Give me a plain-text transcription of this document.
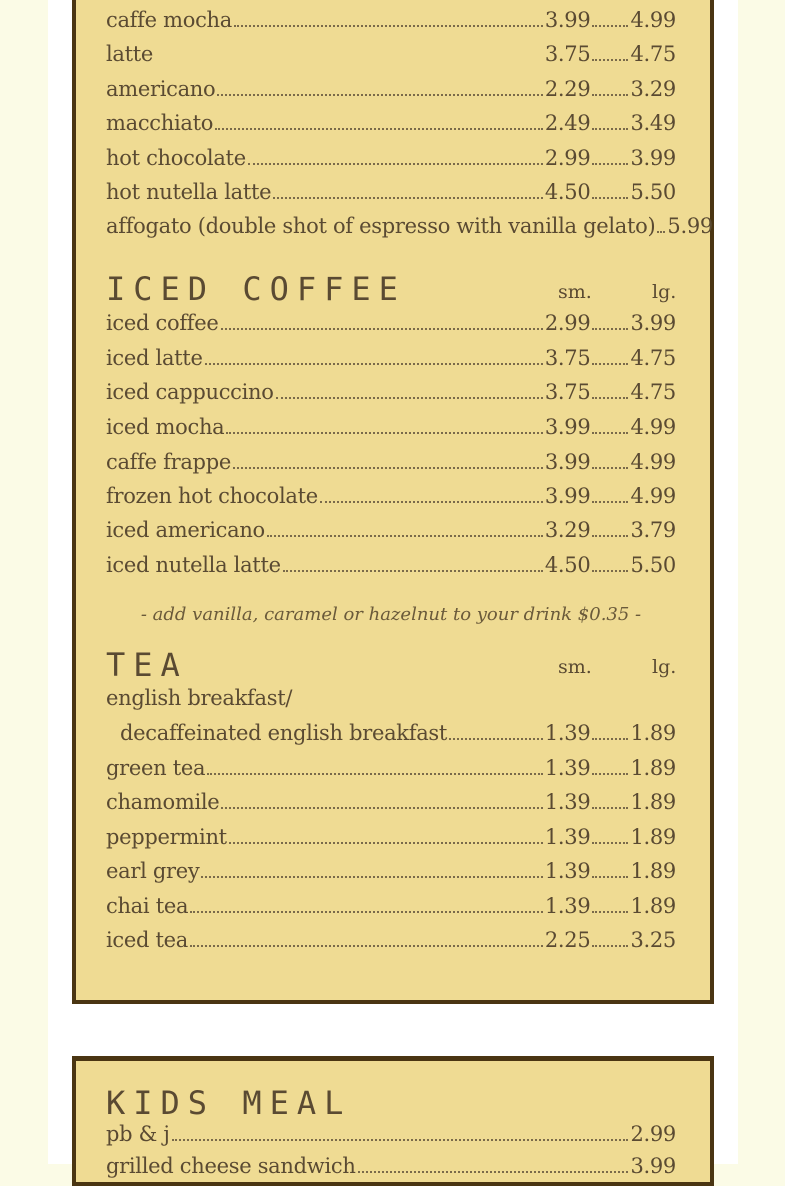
caffe mocha	3.99 4.99
latte	3.75 4.75
americano	2.29 3.29
macchiato	2.49 3.49
hot chocolate	2.99 3.99
hot nutella latte	4.50 5.50
affogato (double shot of espresso with vanilla gelato) 5.99
ICED COFFEE	sm.	lg.
iced coffee	2.99 3.99
iced latte	3.75 4.75
iced cappuccino	3.75 4.75
iced mocha	3.99 4.99
caffe frappe	3.99 4.99
frozen hot chocolate	3.99 4.99
iced americano	3.29 3.79
iced nutella latte	4.50 5.50
- add vanilla, caramel or hazelnut to your drink $0.35 -
TEA	sm.	lg.
english breakfast/
decaffeinated english breakfast	1.39 1.89
green tea	1.39 1.89
chamomile	1.39 1.89
peppermint	1.39 1.89
earl grey	1.39 1.89
chai tea	1.39 1.89
iced tea	2.25 3.25
KIDS MEAL
pb & j	2.99
grilled cheese sandwich	3.99
